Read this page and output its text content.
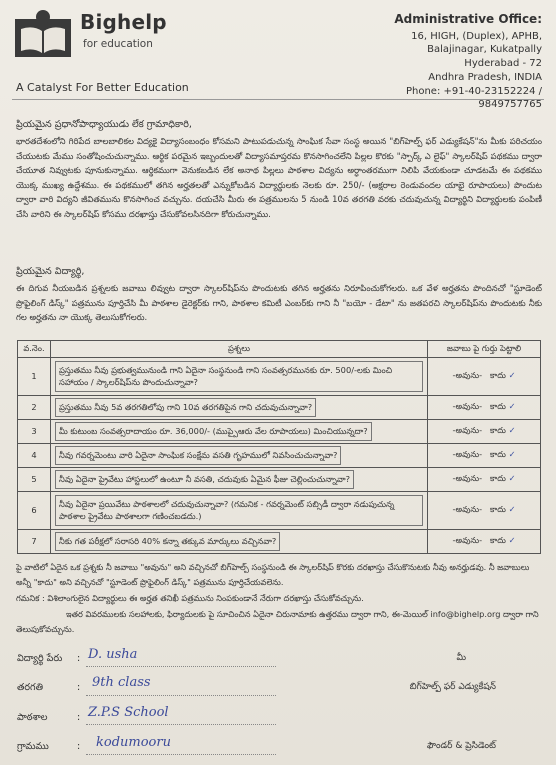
Bighelp
for education
A Catalyst For Better Education
Administrative Office:
16, HIGH, (Duplex), APHB,
Balajinagar, Kukatpally
Hyderabad - 72
Andhra Pradesh, INDIA
Phone: +91-40-23152224 / 9849757765
ప్రియమైన ప్రధానోపాధ్యాయుడు లేక గ్రామాధికారి,
భారతదేశంలోని గిరిపేద బాలబాలికల విద్యకై విద్యాసంబంధం కోసమని పాటుపడుచున్న సాంఘిక సేవా సంస్థ అయిన "బిగ్‌హెల్ప్ ఫర్ ఎడ్యుకేషన్"ను మీకు పరిచయం చేయుటకు మేము సంతోషించుచున్నాము. ఆర్థిక పరమైన ఇబ్బందులతో విద్యాసమాప్తరమ కొనసాగించలేని పిల్లల కొరకు "స్పార్క్ ఎ లైఫ్" స్కాలర్‌షిప్ పథకము ద్వారా చేయూత నివ్వుటకు పూనుకున్నాము. ఆర్థికముగా వెనుకబడిన లేక అనాథ పిల్లలు పాఠశాల విద్యను అర్ధాంతరముగా నిలిపి వేయకుండా చూడటమే ఈ పథకము యొక్క ముఖ్య ఉద్దేశము. ఈ పథకములో తగిన అర్హతలతో ఎన్నుకోబడిన విద్యార్థులకు నెలకు రూ. 250/- (అక్షరాల రెండువందల యాభై రూపాయలు) పొందుట ద్వారా వారి విద్యని జీవితమును కొనసాగించ వచ్చును. దయచేసి మీరు ఈ పత్రములను 5 నుండి 10వ తరగతి వరకు చదువుచున్న విద్యార్థిని విద్యార్థులకు పంపిణీ చేసి వారిని ఈ స్కాలర్‌షిప్ కోసము దరఖాస్తు చేసుకోవలసినదిగా కోరుచున్నాము.
ప్రియమైన విద్యార్థి,
ఈ దిగువ నీయబడిన ప్రశ్నలకు జవాబు లివ్వుట ద్వారా స్కాలర్‌షిప్‌ను పొందుటకు తగిన అర్హతను నిరూపించుకోగలరు. ఒక వేళ అర్హతను పొందినచో "స్టూడెంట్ ప్రొఫైలింగ్ డిస్క్" పత్రమును పూర్తిచేసి మీ పాఠశాల డైరెక్టర్‌కు గాని, పాఠశాల కమిటీ ఎంబర్‌కు గాని నీ "బయో - డేటా" ను జతపరచి స్కాలర్‌షిప్‌ను పొందుటకు నీకు గల అర్హతను నా యొక్క తెలుసుకోగలరు.
వ.నెం.	ప్రశ్నలు	జవాబు పై గుర్తు పెట్టాలి
1	ప్రస్తుతము నీవు ప్రభుత్వమునుండి గాని ఏదైనా సంస్థనుండి గాని సంవత్సరమునకు రూ. 500/-లకు మించి సహాయం / స్కాలర్‌షిప్‌ను పొందుచున్నావా?	-అవును- కాదు ✓
2	ప్రస్తుతము నీవు 5వ తరగతిలోపు గాని 10వ తరగతిపైన గాని చదువుచున్నావా?	-అవును- కాదు ✓
3	మీ కుటుంబ సంవత్సరాదాయం రూ. 36,000/- (ముప్పైఆరు వేల రూపాయలు) మించియున్నదా?	-అవును- కాదు ✓
4	నీవు గవర్నమెంటు వారి ఏదైనా సాంఘిక సంక్షేమ వసతి గృహములో నివసించుచున్నావా?	-అవును- కాదు ✓
5	నీవు ఏదైనా ప్రైవేటు హాస్టలులో ఉంటూ నీ వసతి, చదువుకు ఏమైన ఫీజు చెల్లించుచున్నావా?	-అవును- కాదు ✓
6	నీవు ఏదైనా ప్రయివేటు పాఠశాలలో చదువుచున్నావా? (గమనిక - గవర్నమెంట్ సబ్సిడీ ద్వారా నడుపుచున్న పాఠశాల ప్రైవేటు పాఠశాలగా గణించబడదు.)	-అవును- కాదు ✓
7	నీకు గత పరీక్షలో సరాసరి 40% కన్నా తక్కువ మార్కులు వచ్చినవా?	-అవును- కాదు ✓
పై వాటిలో ఏదైన ఒక ప్రశ్నకు నీ జవాబు "అవును" అని వచ్చినచో బిగ్‌హెల్ప్ సంస్థనుండి ఈ స్కాలర్‌షిప్ కొరకు దరఖాస్తు చేసుకొనుటకు నీవు అనర్హుడవు. నీ జవాబులు అన్నీ "కాదు" అని వచ్చినచో "స్టూడెంట్ ప్రొఫైలింగ్ డిస్క్" పత్రమును పూర్తిచేయవలెను.
గమనిక : విశిలాంగులైన విద్యార్థులు ఈ అర్హత తనిఖీ పత్రమును నింపకుండానే నేరుగా దరఖాస్తు చేసుకోవచ్చును.
ఇతర వివరములకు సలహాలకు, ఫిర్యాదులకు పై సూచించిన ఏదైనా చిరునామాకు ఉత్తరము ద్వారా గాని, ఈ-మెయిల్ info@bighelp.org ద్వారా గాని తెలుపుకోవచ్చును.
విద్యార్థి పేరు : D. usha
తరగతి	: 9th class
పాఠశాల	: Z.P.S School
గ్రామము	: kodumooru
మీ
బిగ్‌హెల్ప్ ఫర్ ఎడ్యుకేషన్
ఫౌండర్ & ప్రెసిడెంట్
